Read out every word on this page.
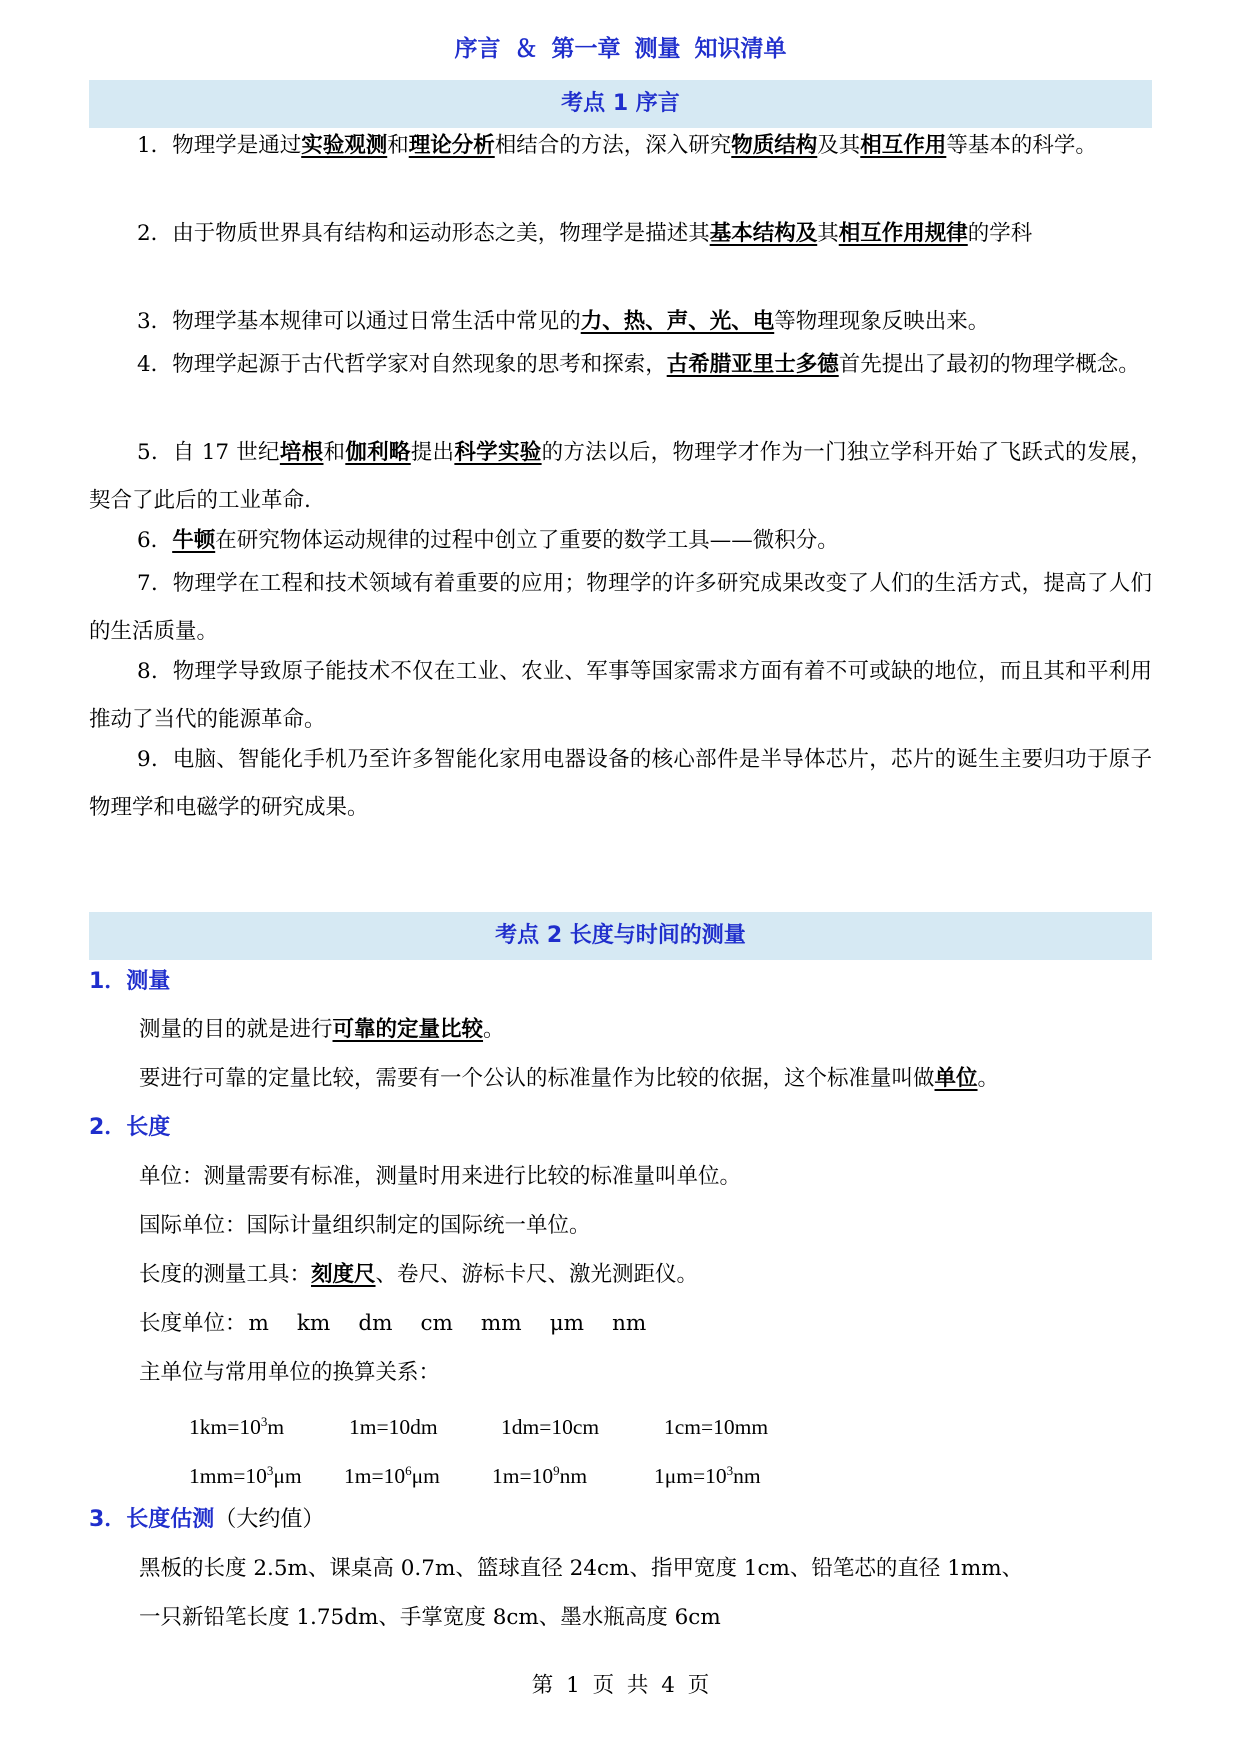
序言 ＆ 第一章 测量 知识清单
考点 1 序言
1．物理学是通过实验观测和理论分析相结合的方法，深入研究物质结构及其相互作用等基本的科学。
2．由于物质世界具有结构和运动形态之美，物理学是描述其基本结构及其相互作用规律的学科
3．物理学基本规律可以通过日常生活中常见的力、热、声、光、电等物理现象反映出来。
4．物理学起源于古代哲学家对自然现象的思考和探索，古希腊亚里士多德首先提出了最初的物理学概念。
5．自 17 世纪培根和伽利略提出科学实验的方法以后，物理学才作为一门独立学科开始了飞跃式的发展，契合了此后的工业革命.
6．牛顿在研究物体运动规律的过程中创立了重要的数学工具——微积分。
7．物理学在工程和技术领域有着重要的应用；物理学的许多研究成果改变了人们的生活方式，提高了人们的生活质量。
8．物理学导致原子能技术不仅在工业、农业、军事等国家需求方面有着不可或缺的地位，而且其和平利用推动了当代的能源革命。
9．电脑、智能化手机乃至许多智能化家用电器设备的核心部件是半导体芯片，芯片的诞生主要归功于原子物理学和电磁学的研究成果。
考点 2 长度与时间的测量
1．测量
测量的目的就是进行可靠的定量比较。
要进行可靠的定量比较，需要有一个公认的标准量作为比较的依据，这个标准量叫做单位。
2．长度
单位：测量需要有标准，测量时用来进行比较的标准量叫单位。
国际单位：国际计量组织制定的国际统一单位。
长度的测量工具：刻度尺、卷尺、游标卡尺、激光测距仪。
长度单位：m km dm cm mm μm nm
主单位与常用单位的换算关系：
$1km=10^3m$	1m=10dm	1dm=10cm	1cm=10mm
$1mm=10^3\mu m$ $1m=10^6\mu m$ $1m=10^9nm$	$1\mu m=10^3nm$
3．长度估测（大约值）
黑板的长度 2.5m、课桌高 0.7m、篮球直径 24cm、指甲宽度 1cm、铅笔芯的直径 1mm、
一只新铅笔长度 1.75dm、手掌宽度 8cm、墨水瓶高度 6cm
第 1 页 共 4 页
